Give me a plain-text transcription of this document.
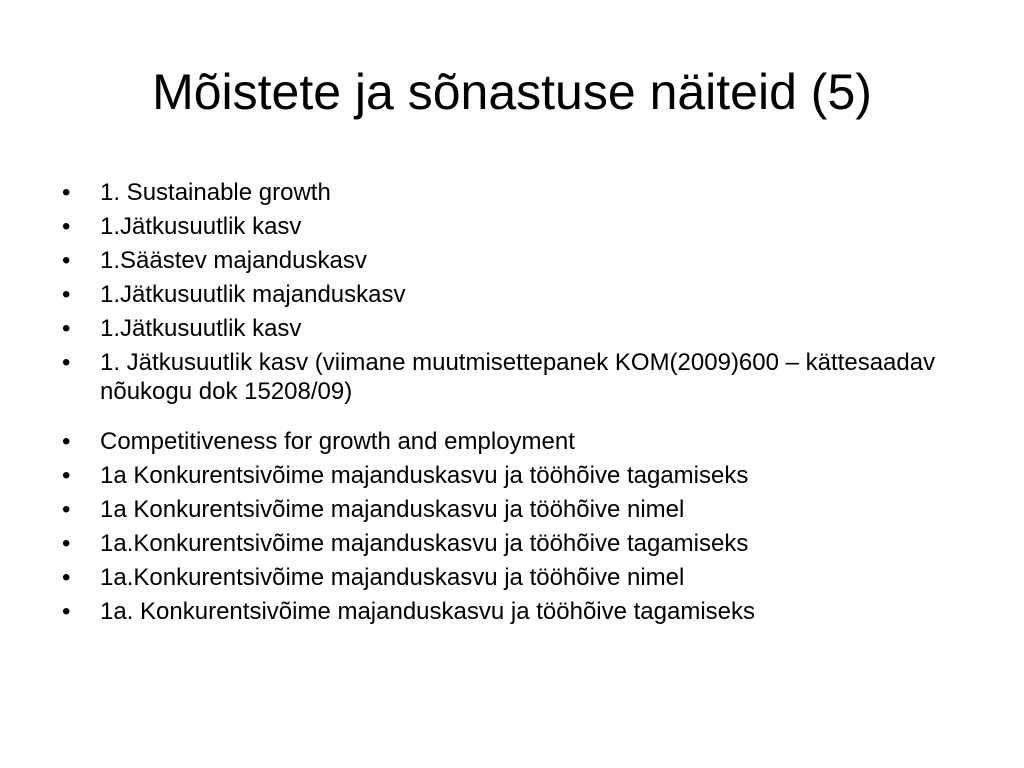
Mõistete ja sõnastuse näiteid (5)
•	1. Sustainable growth
•	1.Jätkusuutlik kasv
•	1.Säästev majanduskasv
•	1.Jätkusuutlik majanduskasv
•	1.Jätkusuutlik kasv
•	1. Jätkusuutlik kasv (viimane muutmisettepanek KOM(2009)600 – kättesaadav nõukogu dok 15208/09)
•	Competitiveness for growth and employment
•	1a Konkurentsivõime majanduskasvu ja tööhõive tagamiseks
•	1a Konkurentsivõime majanduskasvu ja tööhõive nimel
•	1a.Konkurentsivõime majanduskasvu ja tööhõive tagamiseks
•	1a.Konkurentsivõime majanduskasvu ja tööhõive nimel
•	1a. Konkurentsivõime majanduskasvu ja tööhõive tagamiseks
